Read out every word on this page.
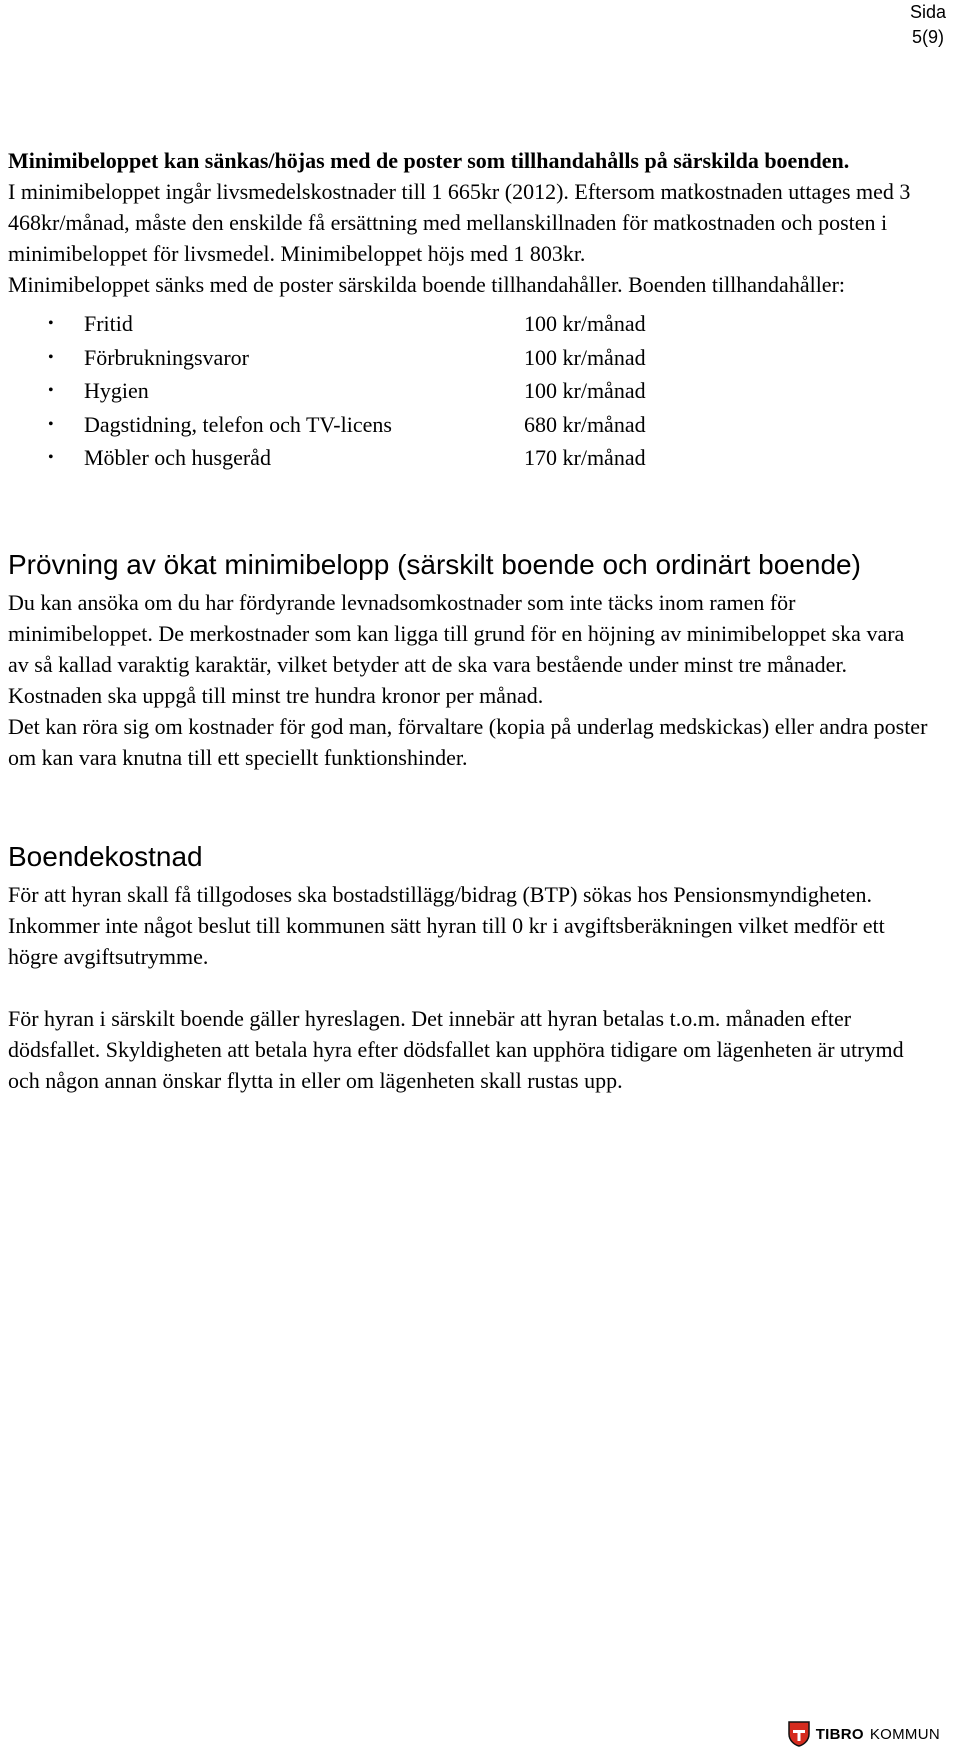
Sida
5(9)

Minimibeloppet kan sänkas/höjas med de poster som tillhandahålls på särskilda boenden.

I minimibeloppet ingår livsmedelskostnader till 1 665kr (2012). Eftersom matkostnaden uttages med 3 468kr/månad, måste den enskilde få ersättning med mellanskillnaden för matkostnaden och posten i minimibeloppet för livsmedel. Minimibeloppet höjs med 1 803kr.

Minimibeloppet sänks med de poster särskilda boende tillhandahåller. Boenden tillhandahåller:

•	Fritid	100 kr/månad
•	Förbrukningsvaror	100 kr/månad
•	Hygien	100 kr/månad
•	Dagstidning, telefon och TV-licens	680 kr/månad
•	Möbler och husgeråd	170 kr/månad
Prövning av ökat minimibelopp (särskilt boende och ordinärt boende)

Du kan ansöka om du har fördyrande levnadsomkostnader som inte täcks inom ramen för minimibeloppet. De merkostnader som kan ligga till grund för en höjning av minimibeloppet ska vara av så kallad varaktig karaktär, vilket betyder att de ska vara bestående under minst tre månader. Kostnaden ska uppgå till minst tre hundra kronor per månad.

Det kan röra sig om kostnader för god man, förvaltare (kopia på underlag medskickas) eller andra poster om kan vara knutna till ett speciellt funktionshinder.

Boendekostnad

För att hyran skall få tillgodoses ska bostadstillägg/bidrag (BTP) sökas hos Pensionsmyndigheten. Inkommer inte något beslut till kommunen sätt hyran till 0 kr i avgiftsberäkningen vilket medför ett högre avgiftsutrymme.

För hyran i särskilt boende gäller hyreslagen. Det innebär att hyran betalas t.o.m. månaden efter dödsfallet. Skyldigheten att betala hyra efter dödsfallet kan upphöra tidigare om lägenheten är utrymd och någon annan önskar flytta in eller om lägenheten skall rustas upp.

TIBRO KOMMUN
